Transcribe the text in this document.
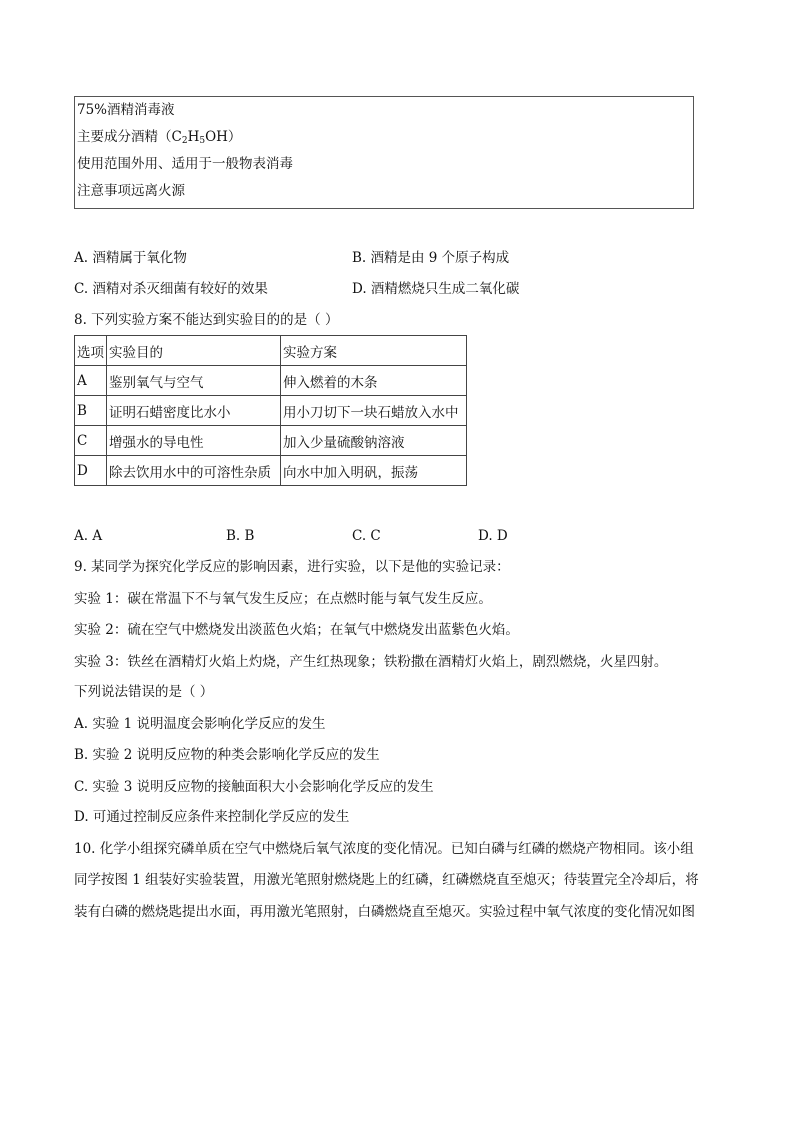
75%酒精消毒液
主要成分酒精$(C_2H_5OH)$
使用范围外用、适用于一般物表消毒
注意事项远离火源
A. 酒精属于氧化物	B. 酒精是由 9 个原子构成
C. 酒精对杀灭细菌有较好的效果	D. 酒精燃烧只生成二氧化碳
8. 下列实验方案不能达到实验目的的是（ ）
选项	实验目的	实验方案
A	鉴别氧气与空气	伸入燃着的木条
B	证明石蜡密度比水小	用小刀切下一块石蜡放入水中
C	增强水的导电性	加入少量硫酸钠溶液
D	除去饮用水中的可溶性杂质	向水中加入明矾，振荡
A. A	B. B	C. C	D. D
9. 某同学为探究化学反应的影响因素，进行实验，以下是他的实验记录：
实验 1：碳在常温下不与氧气发生反应；在点燃时能与氧气发生反应。
实验 2：硫在空气中燃烧发出淡蓝色火焰；在氧气中燃烧发出蓝紫色火焰。
实验 3：铁丝在酒精灯火焰上灼烧，产生红热现象；铁粉撒在酒精灯火焰上，剧烈燃烧，火星四射。
下列说法错误的是（ ）
A. 实验 1 说明温度会影响化学反应的发生
B. 实验 2 说明反应物的种类会影响化学反应的发生
C. 实验 3 说明反应物的接触面积大小会影响化学反应的发生
D. 可通过控制反应条件来控制化学反应的发生
10. 化学小组探究磷单质在空气中燃烧后氧气浓度的变化情况。已知白磷与红磷的燃烧产物相同。该小组
同学按图 1 组装好实验装置，用激光笔照射燃烧匙上的红磷，红磷燃烧直至熄灭；待装置完全冷却后，将
装有白磷的燃烧匙提出水面，再用激光笔照射，白磷燃烧直至熄灭。实验过程中氧气浓度的变化情况如图
